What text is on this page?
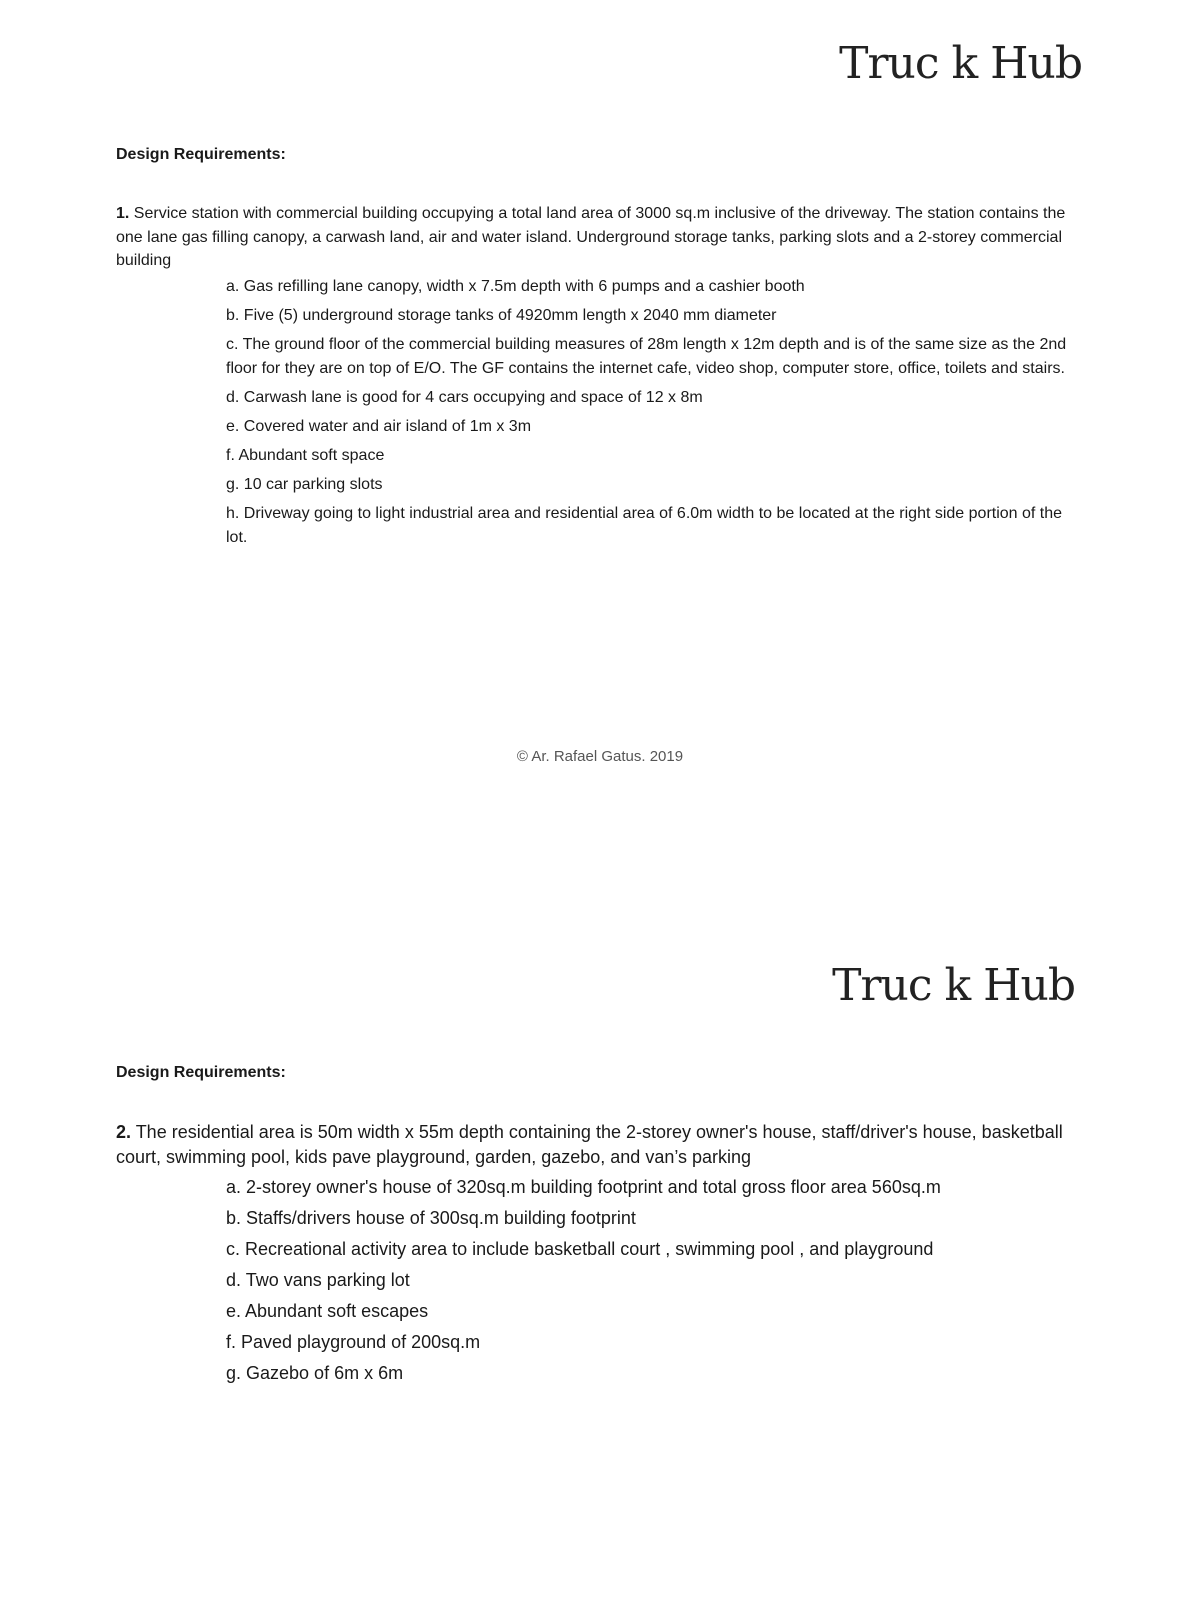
Truc k Hub
Design Requirements:
1. Service station with commercial building occupying a total land area of 3000 sq.m inclusive of the driveway. The station contains the one lane gas filling canopy, a carwash land, air and water island. Underground storage tanks, parking slots and a 2-storey commercial building
a. Gas refilling lane canopy, width x 7.5m depth with 6 pumps and a cashier booth
b. Five (5) underground storage tanks of 4920mm length x 2040 mm diameter
c. The ground floor of the commercial building measures of 28m length x 12m depth and is of the same size as the 2nd floor for they are on top of E/O. The GF contains the internet cafe, video shop, computer store, office, toilets and stairs.
d. Carwash lane is good for 4 cars occupying and space of 12 x 8m
e. Covered water and air island of 1m x 3m
f. Abundant soft space
g. 10 car parking slots
h. Driveway going to light industrial area and residential area of 6.0m width to be located at the right side portion of the lot.
© Ar. Rafael Gatus. 2019
Truc k Hub
Design Requirements:
2. The residential area is 50m width x 55m depth containing the 2-storey owner's house, staff/driver's house, basketball court, swimming pool, kids pave playground, garden, gazebo, and van’s parking
a. 2-storey owner's house of 320sq.m building footprint and total gross floor area 560sq.m
b. Staffs/drivers house of 300sq.m building footprint
c. Recreational activity area to include basketball court , swimming pool , and playground
d. Two vans parking lot
e. Abundant soft escapes
f. Paved playground of 200sq.m
g. Gazebo of 6m x 6m
